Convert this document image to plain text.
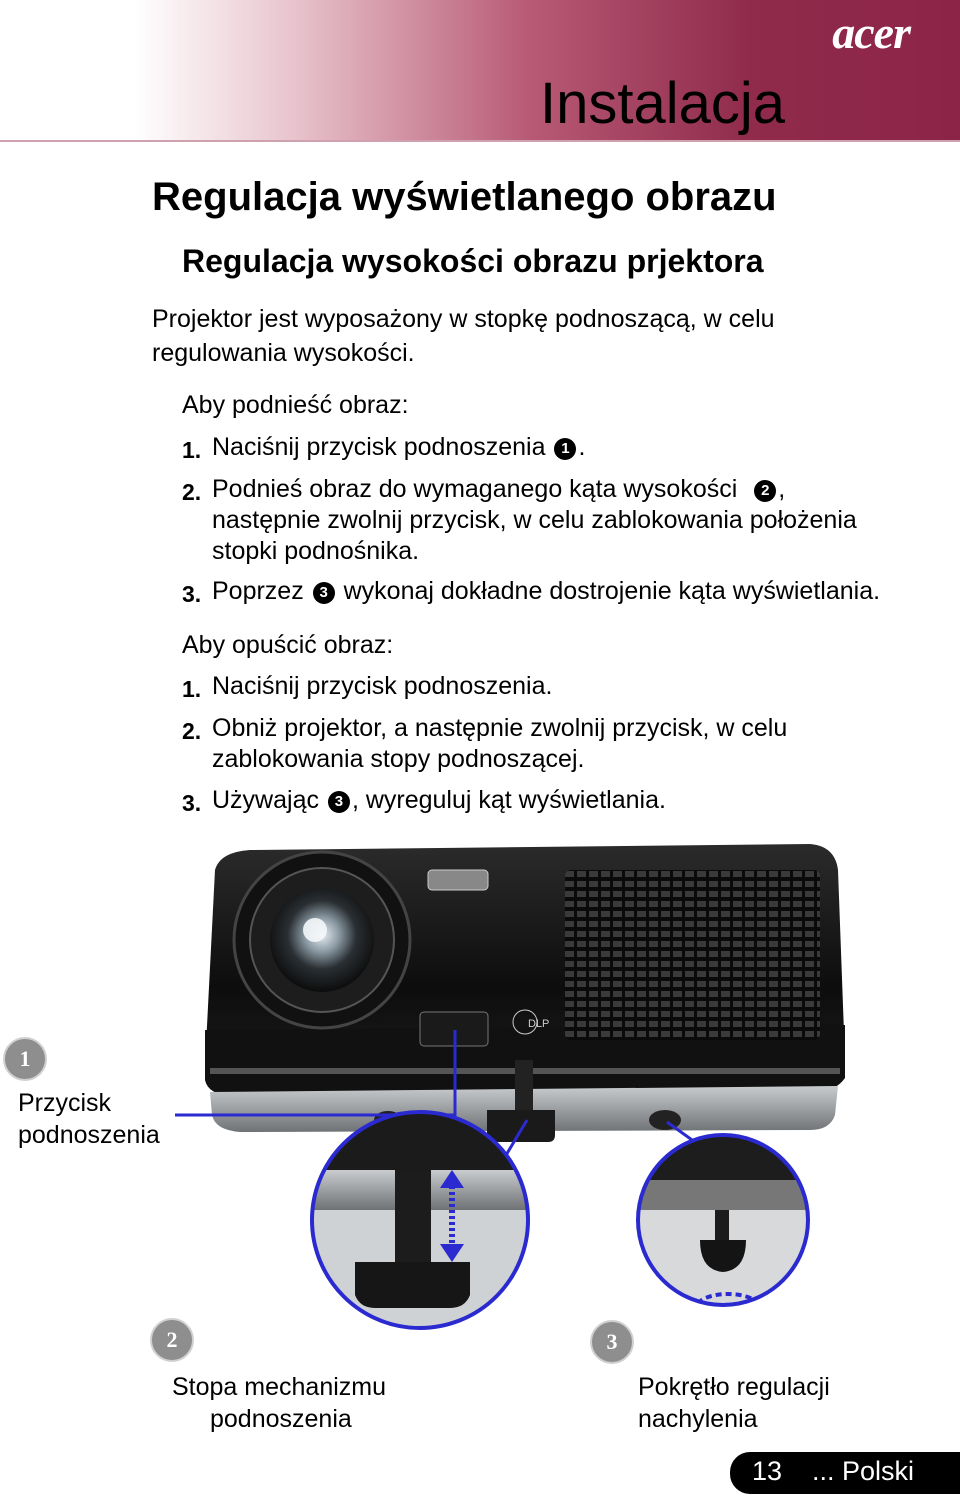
acer
Instalacja
Regulacja wyświetlanego obrazu
Regulacja wysokości obrazu prjektora
Projektor jest wyposażony w stopkę podnoszącą, w celu
regulowania wysokości.
Aby podnieść obraz:
1. Naciśnij przycisk podnoszenia 1 .
2. Podnieś obraz do wymaganego kąta wysokości 2 ,
następnie zwolnij przycisk, w celu zablokowania położenia
stopki podnośnika.
3. Poprzez 3 wykonaj dokładne dostrojenie kąta wyświetlania.
Aby opuścić obraz:
1. Naciśnij przycisk podnoszenia.
2. Obniż projektor, a następnie zwolnij przycisk, w celu
zablokowania stopy podnoszącej.
3. Używając 3 , wyreguluj kąt wyświetlania.
DLP
1
Przycisk
podnoszenia
2
Stopa mechanizmu
podnoszenia
3
Pokrętło regulacji
nachylenia
13 ... Polski
